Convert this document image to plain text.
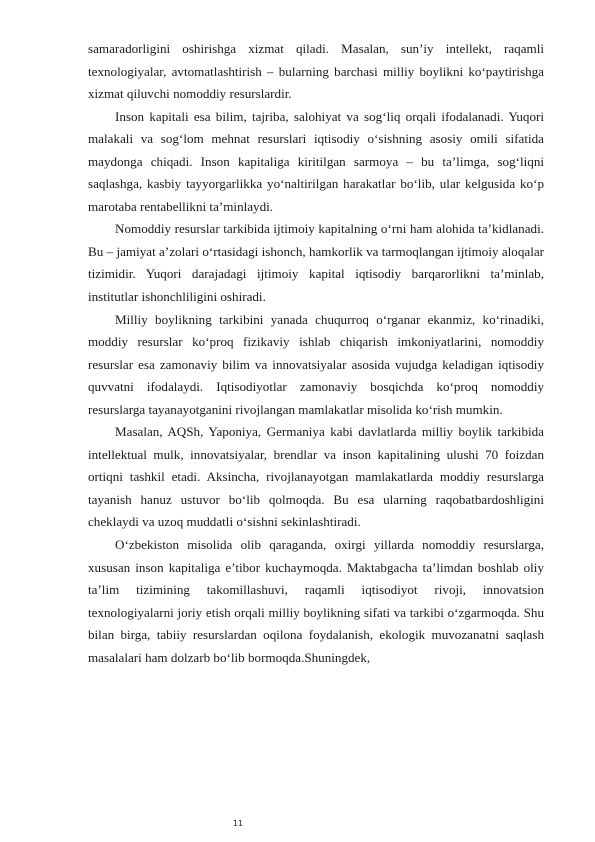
samaradorligini oshirishga xizmat qiladi. Masalan, sun’iy intellekt, raqamli texnologiyalar, avtomatlashtirish – bularning barchasi milliy boylikni ko‘paytirishga xizmat qiluvchi nomoddiy resurslardir.

Inson kapitali esa bilim, tajriba, salohiyat va sog‘liq orqali ifodalanadi. Yuqori malakali va sog‘lom mehnat resurslari iqtisodiy o‘sishning asosiy omili sifatida maydonga chiqadi. Inson kapitaliga kiritilgan sarmoya – bu ta’limga, sog‘liqni saqlashga, kasbiy tayyorgarlikka yo‘naltirilgan harakatlar bo‘lib, ular kelgusida ko‘p marotaba rentabellikni ta’minlaydi.

Nomoddiy resurslar tarkibida ijtimoiy kapitalning o‘rni ham alohida ta’kidlanadi. Bu – jamiyat a’zolari o‘rtasidagi ishonch, hamkorlik va tarmoqlangan ijtimoiy aloqalar tizimidir. Yuqori darajadagi ijtimoiy kapital iqtisodiy barqarorlikni ta’minlab, institutlar ishonchliligini oshiradi.

Milliy boylikning tarkibini yanada chuqurroq o‘rganar ekanmiz, ko‘rinadiki, moddiy resurslar ko‘proq fizikaviy ishlab chiqarish imkoniyatlarini, nomoddiy resurslar esa zamonaviy bilim va innovatsiyalar asosida vujudga keladigan iqtisodiy quvvatni ifodalaydi. Iqtisodiyotlar zamonaviy bosqichda ko‘proq nomoddiy resurslarga tayanayotganini rivojlangan mamlakatlar misolida ko‘rish mumkin.

Masalan, AQSh, Yaponiya, Germaniya kabi davlatlarda milliy boylik tarkibida intellektual mulk, innovatsiyalar, brendlar va inson kapitalining ulushi 70 foizdan ortiqni tashkil etadi. Aksincha, rivojlanayotgan mamlakatlarda moddiy resurslarga tayanish hanuz ustuvor bo‘lib qolmoqda. Bu esa ularning raqobatbardoshligini cheklaydi va uzoq muddatli o‘sishni sekinlashtiradi.

O‘zbekiston misolida olib qaraganda, oxirgi yillarda nomoddiy resurslarga, xususan inson kapitaliga e’tibor kuchaymoqda. Maktabgacha ta’limdan boshlab oliy ta’lim tizimining takomillashuvi, raqamli iqtisodiyot rivoji, innovatsion texnologiyalarni joriy etish orqali milliy boylikning sifati va tarkibi o‘zgarmoqda. Shu bilan birga, tabiiy resurslardan oqilona foydalanish, ekologik muvozanatni saqlash masalalari ham dolzarb bo‘lib bormoqda.Shuningdek,

11
